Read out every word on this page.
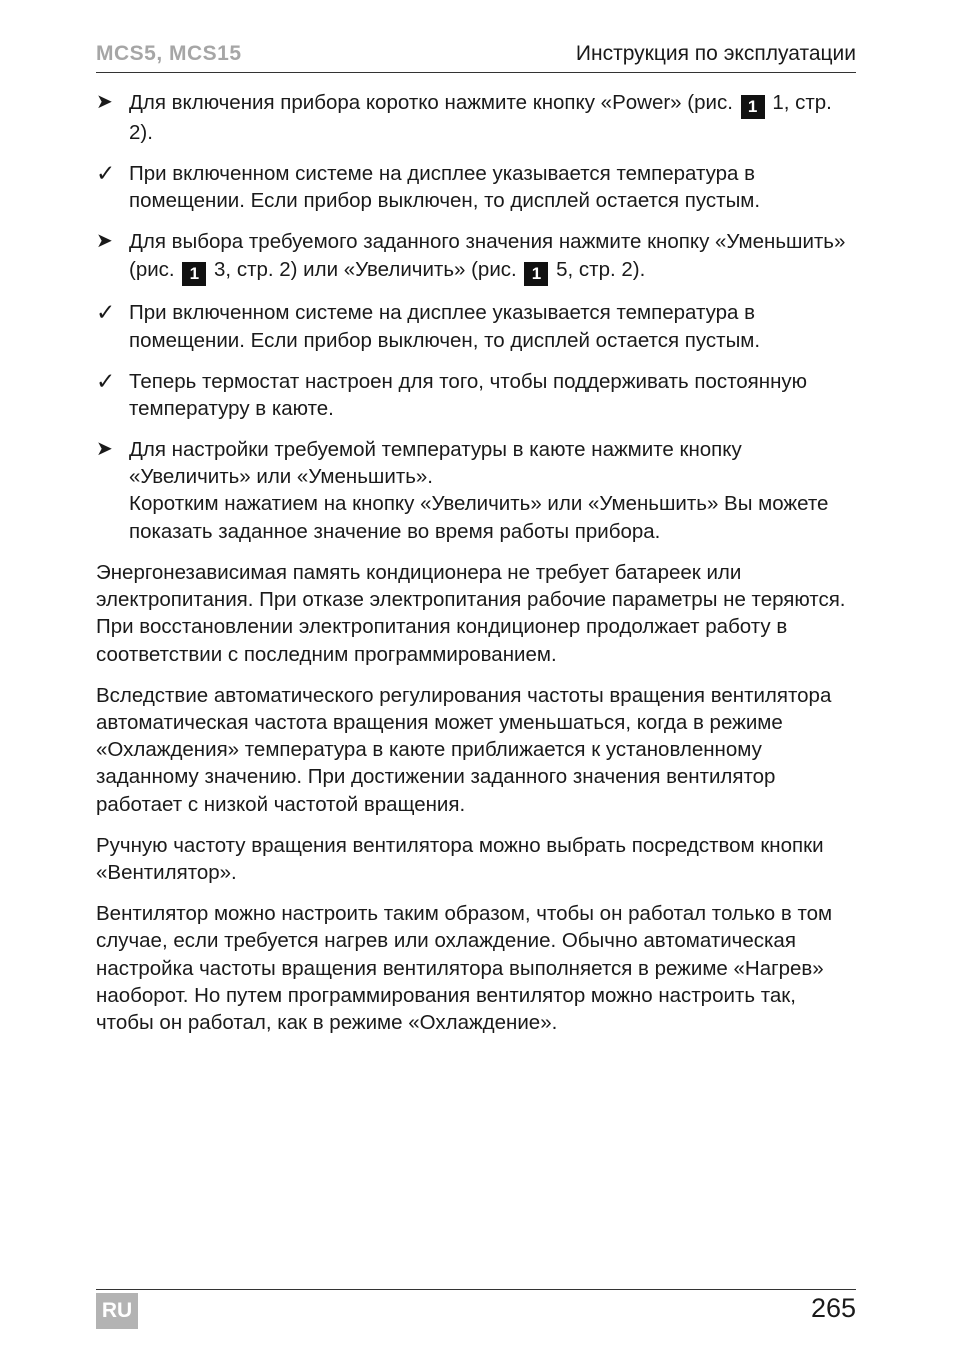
MCS5, MCS15	Инструкция по эксплуатации
➤ Для включения прибора коротко нажмите кнопку «Power» (рис. 1 1, стр. 2).
✓ При включенном системе на дисплее указывается температура в помещении. Если прибор выключен, то дисплей остается пустым.
➤ Для выбора требуемого заданного значения нажмите кнопку «Уменьшить» (рис. 1 3, стр. 2) или «Увеличить» (рис. 1 5, стр. 2).
✓ При включенном системе на дисплее указывается температура в помещении. Если прибор выключен, то дисплей остается пустым.
✓ Теперь термостат настроен для того, чтобы поддерживать постоянную температуру в каюте.
➤ Для настройки требуемой температуры в каюте нажмите кнопку «Увеличить» или «Уменьшить».
Коротким нажатием на кнопку «Увеличить» или «Уменьшить» Вы можете показать заданное значение во время работы прибора.

Энергонезависимая память кондиционера не требует батареек или электропитания. При отказе электропитания рабочие параметры не теряются. При восстановлении электропитания кондиционер продолжает работу в соответствии с последним программированием.

Вследствие автоматического регулирования частоты вращения вентилятора автоматическая частота вращения может уменьшаться, когда в режиме «Охлаждения» температура в каюте приближается к установленному заданному значению. При достижении заданного значения вентилятор работает с низкой частотой вращения.

Ручную частоту вращения вентилятора можно выбрать посредством кнопки «Вентилятор».

Вентилятор можно настроить таким образом, чтобы он работал только в том случае, если требуется нагрев или охлаждение. Обычно автоматическая настройка частоты вращения вентилятора выполняется в режиме «Нагрев» наоборот. Но путем программирования вентилятор можно настроить так, чтобы он работал, как в режиме «Охлаждение».

RU	265
